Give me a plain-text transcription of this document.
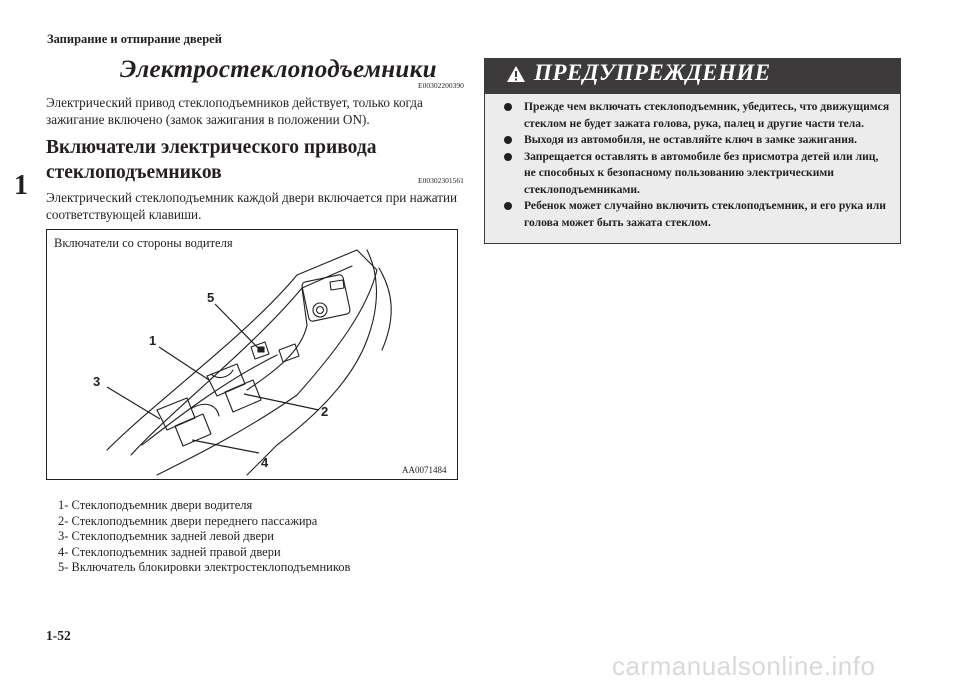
Запирание и отпирание дверей
1
Электростеклоподъемники
E00302200390
Электрический привод стеклоподъемников действует, только когда зажигание включено (замок зажигания в положении ON).
Включатели электрического привода
стеклоподъемников	E00302301561
Электрический стеклоподъемник каждой двери включается при нажатии соответствующей клавиши.
Включатели со стороны водителя
5
1
3
2
4	AA0071484
1- Стеклоподъемник двери водителя
2- Стеклоподъемник двери переднего пассажира
3- Стеклоподъемник задней левой двери
4- Стеклоподъемник задней правой двери
5- Включатель блокировки электростеклоподъемников
ПРЕДУПРЕЖДЕНИЕ
Прежде чем включать стеклоподъемник, убедитесь, что движущимся стеклом не будет зажата голова, рука, палец и другие части тела.
Выходя из автомобиля, не оставляйте ключ в замке зажигания.
Запрещается оставлять в автомобиле без присмотра детей или лиц, не способных к безопасному пользованию электрическими стеклоподъемниками.
Ребенок может случайно включить стеклоподъемник, и его рука или голова может быть зажата стеклом.
1-52
carmanualsonline.info
